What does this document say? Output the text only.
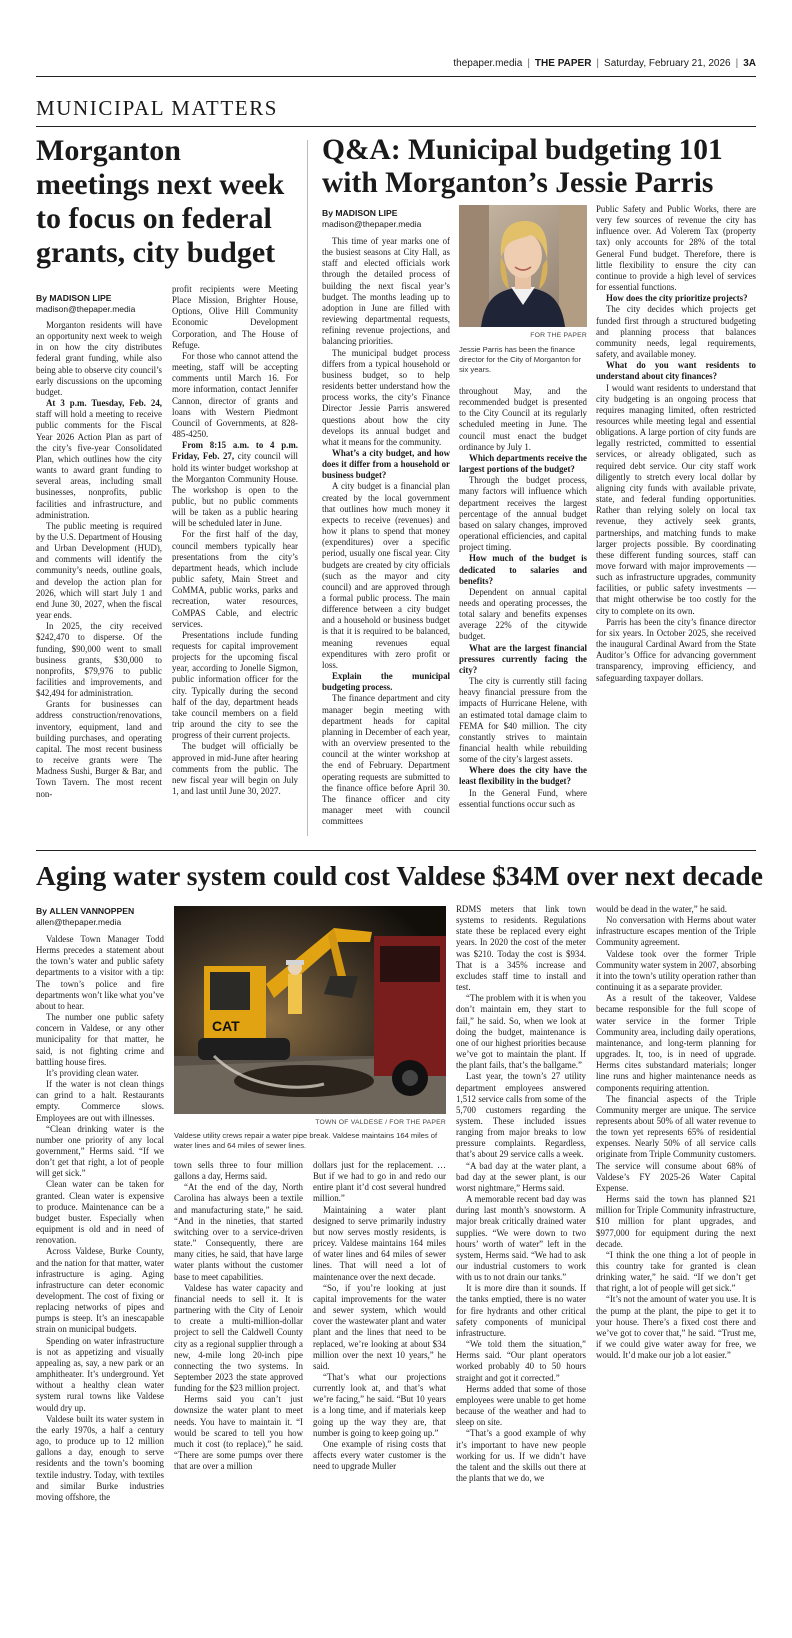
thepaper.media | THE PAPER | Saturday, February 21, 2026 | 3A
MUNICIPAL MATTERS
Morganton meetings next week to focus on federal grants, city budget
By MADISON LIPE
madison@thepaper.media

Morganton residents will have an opportunity next week to weigh in on how the city distributes federal grant funding, while also being able to observe city council’s early discussions on the upcoming budget.

At 3 p.m. Tuesday, Feb. 24, staff will hold a meeting to receive public comments for the Fiscal Year 2026 Action Plan as part of the city’s five-year Consolidated Plan, which outlines how the city wants to award grant funding to several areas, including small businesses, nonprofits, public facilities and infrastructure, and administration.

The public meeting is required by the U.S. Department of Housing and Urban Development (HUD), and comments will identify the community’s needs, outline goals, and develop the action plan for 2026, which will start July 1 and end June 30, 2027, when the fiscal year ends.

In 2025, the city received $242,470 to disperse. Of the funding, $90,000 went to small business grants, $30,000 to nonprofits, $79,976 to public facilities and improvements, and $42,494 for administration.

Grants for businesses can address construction/renovations, inventory, equipment, land and building purchases, and operating capital. The most recent business to receive grants were The Madness Sushi, Burger & Bar, and Town Tavern. The most recent non-

profit recipients were Meeting Place Mission, Brighter House, Options, Olive Hill Community Economic Development Corporation, and The House of Refuge.

For those who cannot attend the meeting, staff will be accepting comments until March 16. For more information, contact Jennifer Cannon, director of grants and loans with Western Piedmont Council of Governments, at 828-485-4250.

From 8:15 a.m. to 4 p.m. Friday, Feb. 27, city council will hold its winter budget workshop at the Morganton Community House. The workshop is open to the public, but no public comments will be taken as a public hearing will be scheduled later in June.

For the first half of the day, council members typically hear presentations from the city’s department heads, which include public safety, Main Street and CoMMA, public works, parks and recreation, water resources, CoMPAS Cable, and electric services.

Presentations include funding requests for capital improvement projects for the upcoming fiscal year, according to Jonelle Sigmon, public information officer for the city. Typically during the second half of the day, department heads take council members on a field trip around the city to see the progress of their current projects.

The budget will officially be approved in mid-June after hearing comments from the public. The new fiscal year will begin on July 1, and last until June 30, 2027.

Q&A: Municipal budgeting 101 with Morganton’s Jessie Parris
By MADISON LIPE
madison@thepaper.media

This time of year marks one of the busiest seasons at City Hall, as staff and elected officials work through the detailed process of building the next fiscal year’s budget. The months leading up to adoption in June are filled with reviewing departmental requests, refining revenue projections, and balancing priorities.

The municipal budget process differs from a typical household or business budget, so to help residents better understand how the process works, the city’s Finance Director Jessie Parris answered questions about how the city develops its annual budget and what it means for the community.

What’s a city budget, and how does it differ from a household or business budget?

A city budget is a financial plan created by the local government that outlines how much money it expects to receive (revenues) and how it plans to spend that money (expenditures) over a specific period, usually one fiscal year. City budgets are created by city officials (such as the mayor and city council) and are approved through a formal public process. The main difference between a city budget and a household or business budget is that it is required to be balanced, meaning revenues equal expenditures with zero profit or loss.

Explain the municipal budgeting process.

The finance department and city manager begin meeting with department heads for capital planning in December of each year, with an overview presented to the council at the winter workshop at the end of February. Department operating requests are submitted to the finance office before April 30. The finance officer and city manager meet with council committees

FOR THE PAPER
Jessie Parris has been the finance director for the City of Morganton for six years.

throughout May, and the recommended budget is presented to the City Council at its regularly scheduled meeting in June. The council must enact the budget ordinance by July 1.

Which departments receive the largest portions of the budget?

Through the budget process, many factors will influence which department receives the largest percentage of the annual budget based on salary changes, improved operational efficiencies, and capital project timing.

How much of the budget is dedicated to salaries and benefits?

Dependent on annual capital needs and operating processes, the total salary and benefits expenses average 22% of the citywide budget.

What are the largest financial pressures currently facing the city?

The city is currently still facing heavy financial pressure from the impacts of Hurricane Helene, with an estimated total damage claim to FEMA for $40 million. The city constantly strives to maintain financial health while rebuilding some of the city’s largest assets.

Where does the city have the least flexibility in the budget?

In the General Fund, where essential functions occur such as

Public Safety and Public Works, there are very few sources of revenue the city has influence over. Ad Volerem Tax (property tax) only accounts for 28% of the total General Fund budget. Therefore, there is little flexibility to ensure the city can continue to provide a high level of services for essential functions.

How does the city prioritize projects?

The city decides which projects get funded first through a structured budgeting and planning process that balances community needs, legal requirements, safety, and available money.

What do you want residents to understand about city finances?

I would want residents to understand that city budgeting is an ongoing process that requires managing limited, often restricted resources while meeting legal and essential obligations. A large portion of city funds are legally restricted, committed to essential services, or already obligated, such as required debt service. Our city staff work diligently to stretch every local dollar by aligning city funds with available private, state, and federal funding opportunities. Rather than relying solely on local tax revenue, they actively seek grants, partnerships, and matching funds to make larger projects possible. By coordinating these different funding sources, staff can move forward with major improvements — such as infrastructure upgrades, community facilities, or public safety investments — that might otherwise be too costly for the city to complete on its own.

Parris has been the city’s finance director for six years. In October 2025, she received the inaugural Cardinal Award from the State Auditor’s Office for advancing government transparency, improving efficiency, and safeguarding taxpayer dollars.

Aging water system could cost Valdese $34M over next decade
By ALLEN VANNOPPEN
allen@thepaper.media

Valdese Town Manager Todd Herms precedes a statement about the town’s water and public safety departments to a visitor with a tip: The town’s police and fire departments won’t like what you’ve about to hear.

The number one public safety concern in Valdese, or any other municipality for that matter, he said, is not fighting crime and battling house fires.

It’s providing clean water.

If the water is not clean things can grind to a halt. Restaurants empty. Commerce slows. Employees are out with illnesses.

“Clean drinking water is the number one priority of any local government,” Herms said. “If we don’t get that right, a lot of people will get sick.”

Clean water can be taken for granted. Clean water is expensive to produce. Maintenance can be a budget buster. Especially when equipment is old and in need of renovation.

Across Valdese, Burke County, and the nation for that matter, water infrastructure is aging. Aging infrastructure can deter economic development. The cost of fixing or replacing networks of pipes and pumps is steep. It’s an inescapable strain on municipal budgets.

Spending on water infrastructure is not as appetizing and visually appealing as, say, a new park or an amphitheater. It’s underground. Yet without a healthy clean water system rural towns like Valdese would dry up.

Valdese built its water system in the early 1970s, a half a century ago, to produce up to 12 million gallons a day, enough to serve residents and the town’s booming textile industry. Today, with textiles and similar Burke industries moving offshore, the

CAT
TOWN OF VALDESE / FOR THE PAPER
Valdese utility crews repair a water pipe break. Valdese maintains 164 miles of water lines and 64 miles of sewer lines.

town sells three to four million gallons a day, Herms said.

“At the end of the day, North Carolina has always been a textile and manufacturing state,” he said. “And in the nineties, that started switching over to a service-driven state.” Consequently, there are many cities, he said, that have large water plants without the customer base to meet capabilities.

Valdese has water capacity and financial needs to sell it. It is partnering with the City of Lenoir to create a multi-million-dollar project to sell the Caldwell County city as a regional supplier through a new, 4-mile long 20-inch pipe connecting the two systems. In September 2023 the state approved funding for the $23 million project.

Herms said you can’t just downsize the water plant to meet needs. You have to maintain it. “I would be scared to tell you how much it cost (to replace),” he said. “There are some pumps over there that are over a million

dollars just for the replacement. … But if we had to go in and redo our entire plant it’d cost several hundred million.”

Maintaining a water plant designed to serve primarily industry but now serves mostly residents, is pricey. Valdese maintains 164 miles of water lines and 64 miles of sewer lines. That will need a lot of maintenance over the next decade.

“So, if you’re looking at just capital improvements for the water and sewer system, which would cover the wastewater plant and water plant and the lines that need to be replaced, we’re looking at about $34 million over the next 10 years,” he said.

“That’s what our projections currently look at, and that’s what we’re facing,” he said. “But 10 years is a long time, and if materials keep going up the way they are, that number is going to keep going up.”

One example of rising costs that affects every water customer is the need to upgrade Muller

RDMS meters that link town systems to residents. Regulations state these be replaced every eight years. In 2020 the cost of the meter was $210. Today the cost is $934. That is a 345% increase and excludes staff time to install and test.

“The problem with it is when you don’t maintain em, they start to fail,” he said. So, when we look at doing the budget, maintenance is one of our highest priorities because we’ve got to maintain the plant. If the plant fails, that’s the ballgame.”

Last year, the town’s 27 utility department employees answered 1,512 service calls from some of the 5,700 customers regarding the system. These included issues ranging from major breaks to low pressure complaints. Regardless, that’s about 29 service calls a week.

“A bad day at the water plant, a bad day at the sewer plant, is our worst nightmare,” Herms said.

A memorable recent bad day was during last month’s snowstorm. A major break critically drained water supplies. “We were down to two hours’ worth of water” left in the system, Herms said. “We had to ask our industrial customers to work with us to not drain our tanks.”

It is more dire than it sounds. If the tanks emptied, there is no water for fire hydrants and other critical safety components of municipal infrastructure.

“We told them the situation,” Herms said. “Our plant operators worked probably 40 to 50 hours straight and got it corrected.”

Herms added that some of those employees were unable to get home because of the weather and had to sleep on site.

“That’s a good example of why it’s important to have new people working for us. If we didn’t have the talent and the skills out there at the plants that we do, we

would be dead in the water,” he said.

No conversation with Herms about water infrastructure escapes mention of the Triple Community agreement.

Valdese took over the former Triple Community water system in 2007, absorbing it into the town’s utility operation rather than continuing it as a separate provider.

As a result of the takeover, Valdese became responsible for the full scope of water service in the former Triple Community area, including daily operations, maintenance, and long-term planning for upgrades. It, too, is in need of upgrade. Herms cites substandard materials; longer line runs and higher maintenance needs as components requiring attention.

The financial aspects of the Triple Community merger are unique. The service represents about 50% of all water revenue to the town yet represents 65% of residential expenses. Nearly 50% of all service calls originate from Triple Community customers. The service will consume about 68% of Valdese’s FY 2025-26 Water Capital Expense.

Herms said the town has planned $21 million for Triple Community infrastructure, $10 million for plant upgrades, and $977,000 for equipment during the next decade.

“I think the one thing a lot of people in this country take for granted is clean drinking water,” he said. “If we don’t get that right, a lot of people will get sick.”

“It’s not the amount of water you use. It is the pump at the plant, the pipe to get it to your house. There’s a fixed cost there and we’ve got to cover that,” he said. “Trust me, if we could give water away for free, we would. It’d make our job a lot easier.”
